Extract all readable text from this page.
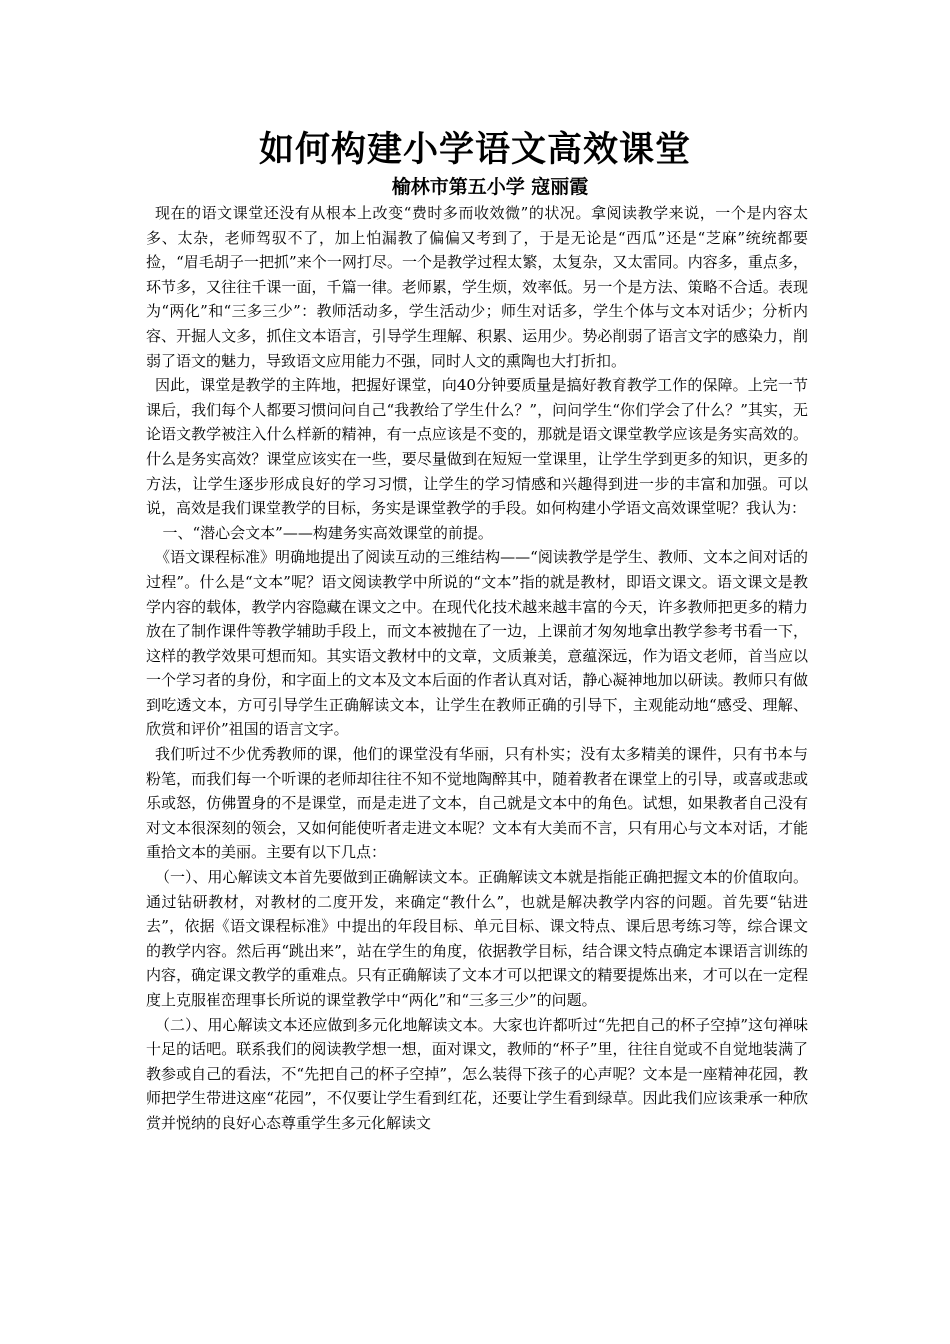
如何构建小学语文高效课堂
榆林市第五小学 寇丽霞

现在的语文课堂还没有从根本上改变“费时多而收效微”的状况。拿阅读教学来说，一个是内容太多、太杂，老师驾驭不了，加上怕漏教了偏偏又考到了，于是无论是“西瓜”还是“芝麻”统统都要捡，“眉毛胡子一把抓”来个一网打尽。一个是教学过程太繁，太复杂，又太雷同。内容多，重点多，环节多，又往往千课一面，千篇一律。老师累，学生烦，效率低。另一个是方法、策略不合适。表现为“两化”和“三多三少”：教师活动多，学生活动少；师生对话多，学生个体与文本对话少；分析内容、开掘人文多，抓住文本语言，引导学生理解、积累、运用少。势必削弱了语言文字的感染力，削弱了语文的魅力，导致语文应用能力不强，同时人文的熏陶也大打折扣。

因此，课堂是教学的主阵地，把握好课堂，向40分钟要质量是搞好教育教学工作的保障。上完一节课后，我们每个人都要习惯问问自己“我教给了学生什么？”，问问学生“你们学会了什么？”其实，无论语文教学被注入什么样新的精神，有一点应该是不变的，那就是语文课堂教学应该是务实高效的。什么是务实高效？课堂应该实在一些，要尽量做到在短短一堂课里，让学生学到更多的知识，更多的方法，让学生逐步形成良好的学习习惯，让学生的学习情感和兴趣得到进一步的丰富和加强。可以说，高效是我们课堂教学的目标，务实是课堂教学的手段。如何构建小学语文高效课堂呢？我认为：

一、“潜心会文本”——构建务实高效课堂的前提。

《语文课程标准》明确地提出了阅读互动的三维结构——“阅读教学是学生、教师、文本之间对话的过程”。什么是“文本”呢？语文阅读教学中所说的“文本”指的就是教材，即语文课文。语文课文是教学内容的载体，教学内容隐藏在课文之中。在现代化技术越来越丰富的今天，许多教师把更多的精力放在了制作课件等教学辅助手段上，而文本被抛在了一边，上课前才匆匆地拿出教学参考书看一下，这样的教学效果可想而知。其实语文教材中的文章，文质兼美，意蕴深远，作为语文老师，首当应以一个学习者的身份，和字面上的文本及文本后面的作者认真对话，静心凝神地加以研读。教师只有做到吃透文本，方可引导学生正确解读文本，让学生在教师正确的引导下，主观能动地“感受、理解、欣赏和评价”祖国的语言文字。

我们听过不少优秀教师的课，他们的课堂没有华丽，只有朴实；没有太多精美的课件，只有书本与粉笔，而我们每一个听课的老师却往往不知不觉地陶醉其中，随着教者在课堂上的引导，或喜或悲或乐或怒，仿佛置身的不是课堂，而是走进了文本，自己就是文本中的角色。试想，如果教者自己没有对文本很深刻的领会，又如何能使听者走进文本呢？文本有大美而不言，只有用心与文本对话，才能重拾文本的美丽。主要有以下几点：

（一）、用心解读文本首先要做到正确解读文本。正确解读文本就是指能正确把握文本的价值取向。通过钻研教材，对教材的二度开发，来确定“教什么”，也就是解决教学内容的问题。首先要“钻进去”，依据《语文课程标准》中提出的年段目标、单元目标、课文特点、课后思考练习等，综合课文的教学内容。然后再“跳出来”，站在学生的角度，依据教学目标，结合课文特点确定本课语言训练的内容，确定课文教学的重难点。只有正确解读了文本才可以把课文的精要提炼出来，才可以在一定程度上克服崔峦理事长所说的课堂教学中“两化”和“三多三少”的问题。

（二）、用心解读文本还应做到多元化地解读文本。大家也许都听过“先把自己的杯子空掉”这句禅味十足的话吧。联系我们的阅读教学想一想，面对课文，教师的“杯子”里，往往自觉或不自觉地装满了教参或自己的看法，不“先把自己的杯子空掉”，怎么装得下孩子的心声呢？文本是一座精神花园，教师把学生带进这座“花园”，不仅要让学生看到红花，还要让学生看到绿草。因此我们应该秉承一种欣赏并悦纳的良好心态尊重学生多元化解读文
